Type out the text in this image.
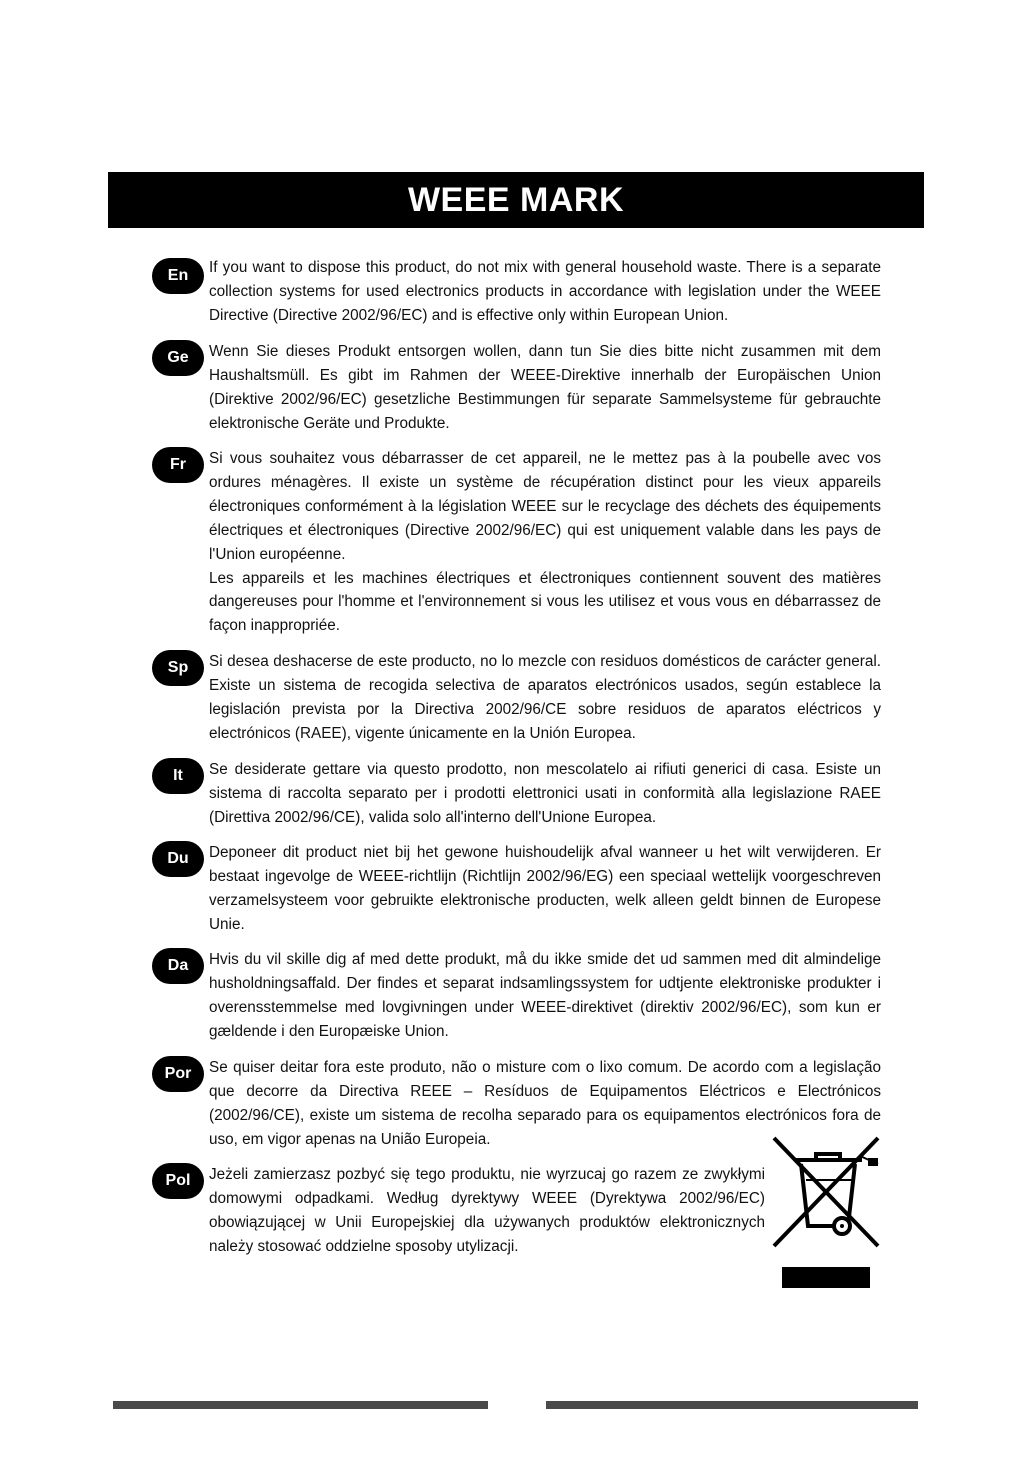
WEEE MARK
En	If you want to dispose this product, do not mix with general household waste. There is a separate collection systems for used electronics products in accordance with legislation under the WEEE Directive (Directive 2002/96/EC) and is effective only within European Union.

Ge	Wenn Sie dieses Produkt entsorgen wollen, dann tun Sie dies bitte nicht zusammen mit dem Haushaltsmüll. Es gibt im Rahmen der WEEE-Direktive innerhalb der Europäischen Union (Direktive 2002/96/EC) gesetzliche Bestimmungen für separate Sammelsysteme für gebrauchte elektronische Geräte und Produkte.

Fr	Si vous souhaitez vous débarrasser de cet appareil, ne le mettez pas à la poubelle avec vos ordures ménagères. Il existe un système de récupération distinct pour les vieux appareils électroniques conformément à la législation WEEE sur le recyclage des déchets des équipements électriques et électroniques (Directive 2002/96/EC) qui est uniquement valable dans les pays de l'Union européenne.

Les appareils et les machines électriques et électroniques contiennent souvent des matières dangereuses pour l'homme et l'environnement si vous les utilisez et vous vous en débarrassez de façon inappropriée.

Sp	Si desea deshacerse de este producto, no lo mezcle con residuos domésticos de carácter general. Existe un sistema de recogida selectiva de aparatos electrónicos usados, según establece la legislación prevista por la Directiva 2002/96/CE sobre residuos de aparatos eléctricos y electrónicos (RAEE), vigente únicamente en la Unión Europea.

It	Se desiderate gettare via questo prodotto, non mescolatelo ai rifiuti generici di casa. Esiste un sistema di raccolta separato per i prodotti elettronici usati in conformità alla legislazione RAEE (Direttiva 2002/96/CE), valida solo all'interno dell'Unione Europea.

Du	Deponeer dit product niet bij het gewone huishoudelijk afval wanneer u het wilt verwijderen. Er bestaat ingevolge de WEEE-richtlijn (Richtlijn 2002/96/EG) een speciaal wettelijk voorgeschreven verzamelsysteem voor gebruikte elektronische producten, welk alleen geldt binnen de Europese Unie.

Da	Hvis du vil skille dig af med dette produkt, må du ikke smide det ud sammen med dit almindelige husholdningsaffald. Der findes et separat indsamlingssystem for udtjente elektroniske produkter i overensstemmelse med lovgivningen under WEEE-direktivet (direktiv 2002/96/EC), som kun er gældende i den Europæiske Union.

Por	Se quiser deitar fora este produto, não o misture com o lixo comum. De acordo com a legislação que decorre da Directiva REEE – Resíduos de Equipamentos Eléctricos e Electrónicos (2002/96/CE), existe um sistema de recolha separado para os equipamentos electrónicos fora de uso, em vigor apenas na União Europeia.

Pol	Jeżeli zamierzasz pozbyć się tego produktu, nie wyrzucaj go razem ze zwykłymi domowymi odpadkami. Według dyrektywy WEEE (Dyrektywa 2002/96/EC) obowiązującej w Unii Europejskiej dla używanych produktów elektronicznych należy stosować oddzielne sposoby utylizacji.
